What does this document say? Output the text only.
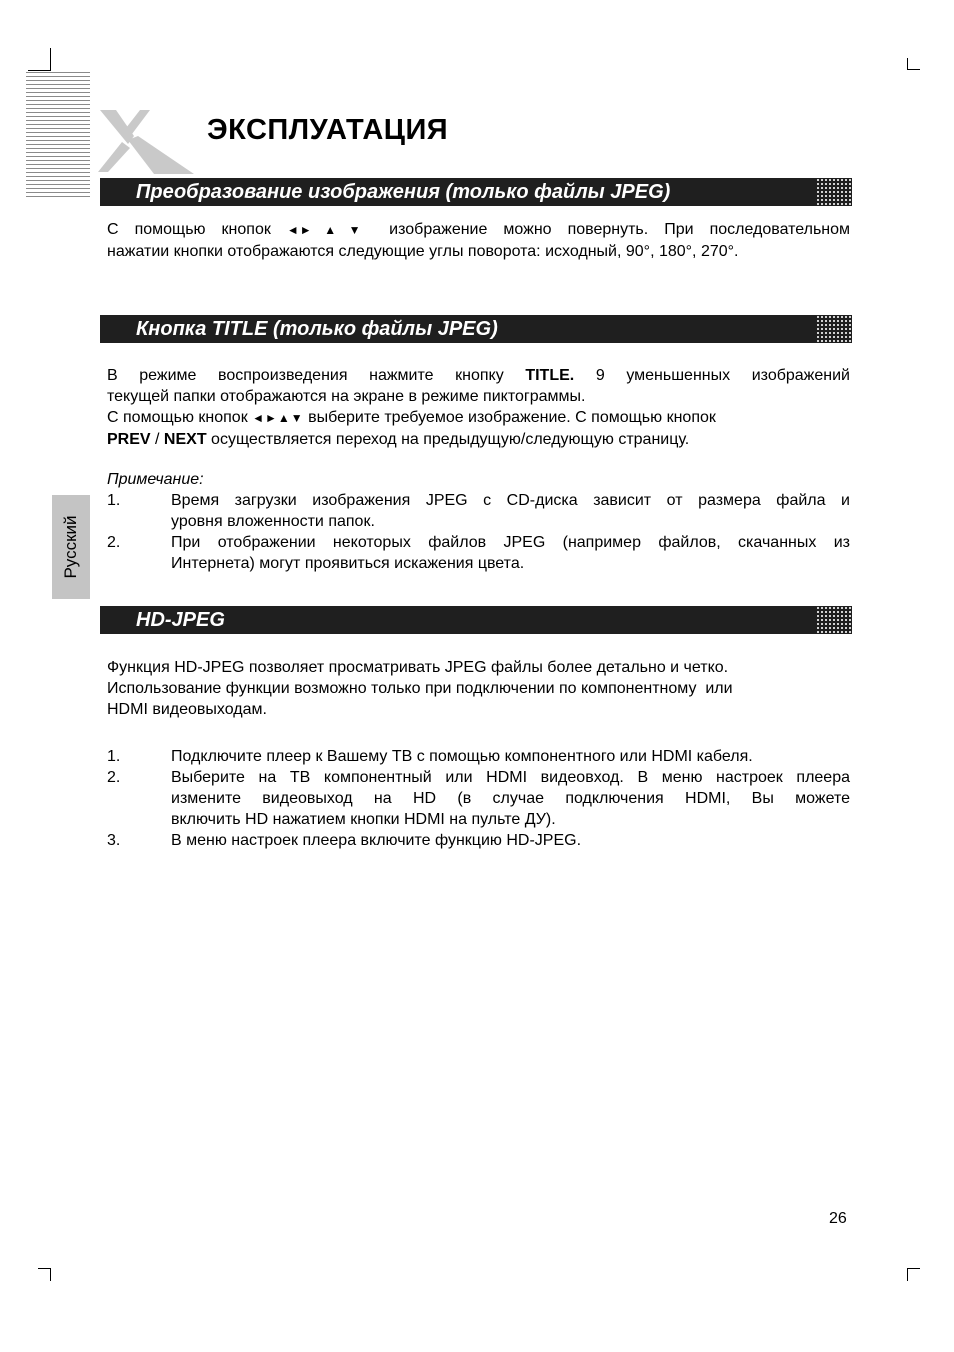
ЭКСПЛУАТАЦИЯ
Преобразование изображения (только файлы JPEG)
С помощью кнопок ◄►▲▼ изображение можно повернуть. При последовательном
нажатии кнопки отображаются следующие углы поворота: исходный, 90°, 180°, 270°.
Кнопка TITLE (только файлы JPEG)
В режиме воспроизведения нажмите кнопку TITLE. 9 уменьшенных изображений
текущей папки отображаются на экране в режиме пиктограммы.
С помощью кнопок ◄►▲▼ выберите требуемое изображение. С помощью кнопок
PREV / NEXT осуществляется переход на предыдущую/следующую страницу.
Примечание:
1.	Время загрузки изображения JPEG с CD-диска зависит от размера файла и
уровня вложенности папок.
2.	При отображении некоторых файлов JPEG (например файлов, скачанных из
Интернета) могут проявиться искажения цвета.
Русский
HD-JPEG
Функция HD-JPEG позволяет просматривать JPEG файлы более детально и четко.
Использование функции возможно только при подключении по компонентному  или
HDMI видеовыходам.
1.	Подключите плеер к Вашему ТВ с помощью компонентного или HDMI кабеля.
2.	Выберите на ТВ компонентный или HDMI видеовход. В меню настроек плеера
измените видеовыход на HD (в случае подключения HDMI, Вы можете
включить HD нажатием кнопки HDMI на пульте ДУ).
3.	В меню настроек плеера включите функцию HD-JPEG.
26
